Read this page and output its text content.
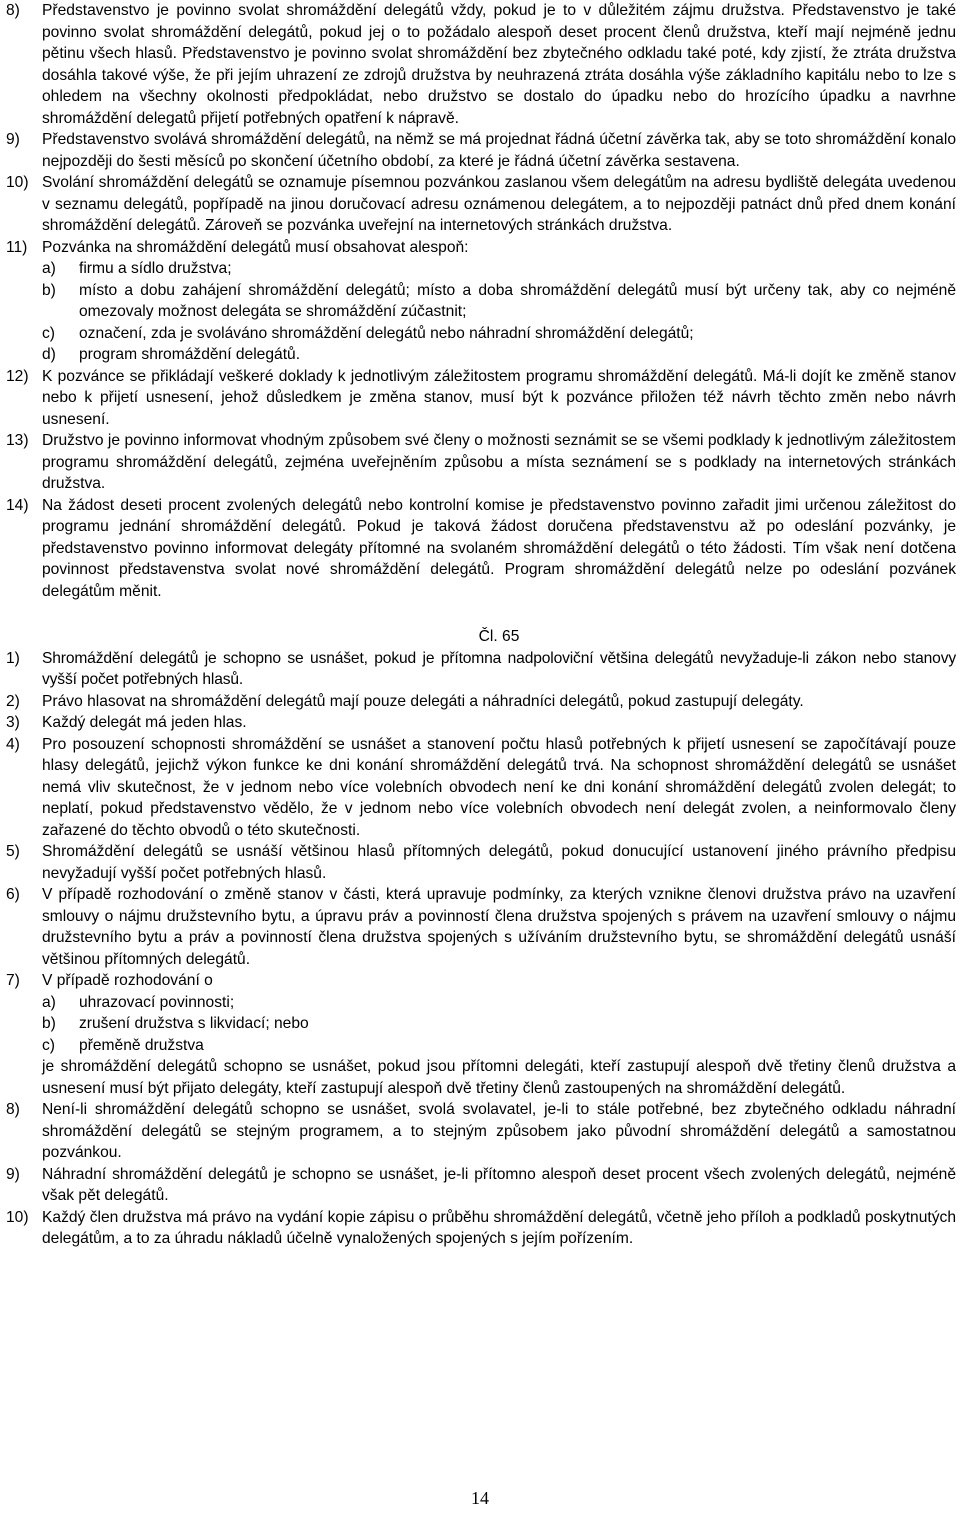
8) Představenstvo je povinno svolat shromáždění delegátů vždy, pokud je to v důležitém zájmu družstva. Představenstvo je také povinno svolat shromáždění delegátů, pokud jej o to požádalo alespoň deset procent členů družstva, kteří mají nejméně jednu pětinu všech hlasů. Představenstvo je povinno svolat shromáždění bez zbytečného odkladu také poté, kdy zjistí, že ztráta družstva dosáhla takové výše, že při jejím uhrazení ze zdrojů družstva by neuhrazená ztráta dosáhla výše základního kapitálu nebo to lze s ohledem na všechny okolnosti předpokládat, nebo družstvo se dostalo do úpadku nebo do hrozícího úpadku a navrhne shromáždění delegatů přijetí potřebných opatření k nápravě.
9) Představenstvo svolává shromáždění delegátů, na němž se má projednat řádná účetní závěrka tak, aby se toto shromáždění konalo nejpozději do šesti měsíců po skončení účetního období, za které je řádná účetní závěrka sestavena.
10) Svolání shromáždění delegátů se oznamuje písemnou pozvánkou zaslanou všem delegátům na adresu bydliště delegáta uvedenou v seznamu delegátů, popřípadě na jinou doručovací adresu oznámenou delegátem, a to nejpozději patnáct dnů před dnem konání shromáždění delegátů. Zároveň se pozvánka uveřejní na internetových stránkách družstva.
11) Pozvánka na shromáždění delegátů musí obsahovat alespoň:
a) firmu a sídlo družstva;
b) místo a dobu zahájení shromáždění delegátů; místo a doba shromáždění delegátů musí být určeny tak, aby co nejméně omezovaly možnost delegáta se shromáždění zúčastnit;
c) označení, zda je svoláváno shromáždění delegátů nebo náhradní shromáždění delegátů;
d) program shromáždění delegátů.
12) K pozvánce se přikládají veškeré doklady k jednotlivým záležitostem programu shromáždění delegátů. Má-li dojít ke změně stanov nebo k přijetí usnesení, jehož důsledkem je změna stanov, musí být k pozvánce přiložen též návrh těchto změn nebo návrh usnesení.
13) Družstvo je povinno informovat vhodným způsobem své členy o možnosti seznámit se se všemi podklady k jednotlivým záležitostem programu shromáždění delegátů, zejména uveřejněním způsobu a místa seznámení se s podklady na internetových stránkách družstva.
14) Na žádost deseti procent zvolených delegátů nebo kontrolní komise je představenstvo povinno zařadit jimi určenou záležitost do programu jednání shromáždění delegátů. Pokud je taková žádost doručena představenstvu až po odeslání pozvánky, je představenstvo povinno informovat delegáty přítomné na svolaném shromáždění delegátů o této žádosti. Tím však není dotčena povinnost představenstva svolat nové shromáždění delegátů. Program shromáždění delegátů nelze po odeslání pozvánek delegátům měnit.
Čl. 65
1) Shromáždění delegátů je schopno se usnášet, pokud je přítomna nadpoloviční většina delegátů nevyžaduje-li zákon nebo stanovy vyšší počet potřebných hlasů.
2) Právo hlasovat na shromáždění delegátů mají pouze delegáti a náhradníci delegátů, pokud zastupují delegáty.
3) Každý delegát má jeden hlas.
4) Pro posouzení schopnosti shromáždění se usnášet a stanovení počtu hlasů potřebných k přijetí usnesení se započítávají pouze hlasy delegátů, jejichž výkon funkce ke dni konání shromáždění delegátů trvá. Na schopnost shromáždění delegátů se usnášet nemá vliv skutečnost, že v jednom nebo více volebních obvodech není ke dni konání shromáždění delegátů zvolen delegát; to neplatí, pokud představenstvo vědělo, že v jednom nebo více volebních obvodech není delegát zvolen, a neinformovalo členy zařazené do těchto obvodů o této skutečnosti.
5) Shromáždění delegátů se usnáší většinou hlasů přítomných delegátů, pokud donucující ustanovení jiného právního předpisu nevyžadují vyšší počet potřebných hlasů.
6) V případě rozhodování o změně stanov v části, která upravuje podmínky, za kterých vznikne členovi družstva právo na uzavření smlouvy o nájmu družstevního bytu, a úpravu práv a povinností člena družstva spojených s právem na uzavření smlouvy o nájmu družstevního bytu a práv a povinností člena družstva spojených s užíváním družstevního bytu, se shromáždění delegátů usnáší většinou přítomných delegátů.
7) V případě rozhodování o
a) uhrazovací povinnosti;
b) zrušení družstva s likvidací; nebo
c) přeměně družstva
je shromáždění delegátů schopno se usnášet, pokud jsou přítomni delegáti, kteří zastupují alespoň dvě třetiny členů družstva a usnesení musí být přijato delegáty, kteří zastupují alespoň dvě třetiny členů zastoupených na shromáždění delegátů.
8) Není-li shromáždění delegátů schopno se usnášet, svolá svolavatel, je-li to stále potřebné, bez zbytečného odkladu náhradní shromáždění delegátů se stejným programem, a to stejným způsobem jako původní shromáždění delegátů a samostatnou pozvánkou.
9) Náhradní shromáždění delegátů je schopno se usnášet, je-li přítomno alespoň deset procent všech zvolených delegátů, nejméně však pět delegátů.
10) Každý člen družstva má právo na vydání kopie zápisu o průběhu shromáždění delegátů, včetně jeho příloh a podkladů poskytnutých delegátům, a to za úhradu nákladů účelně vynaložených spojených s jejím pořízením.
14
